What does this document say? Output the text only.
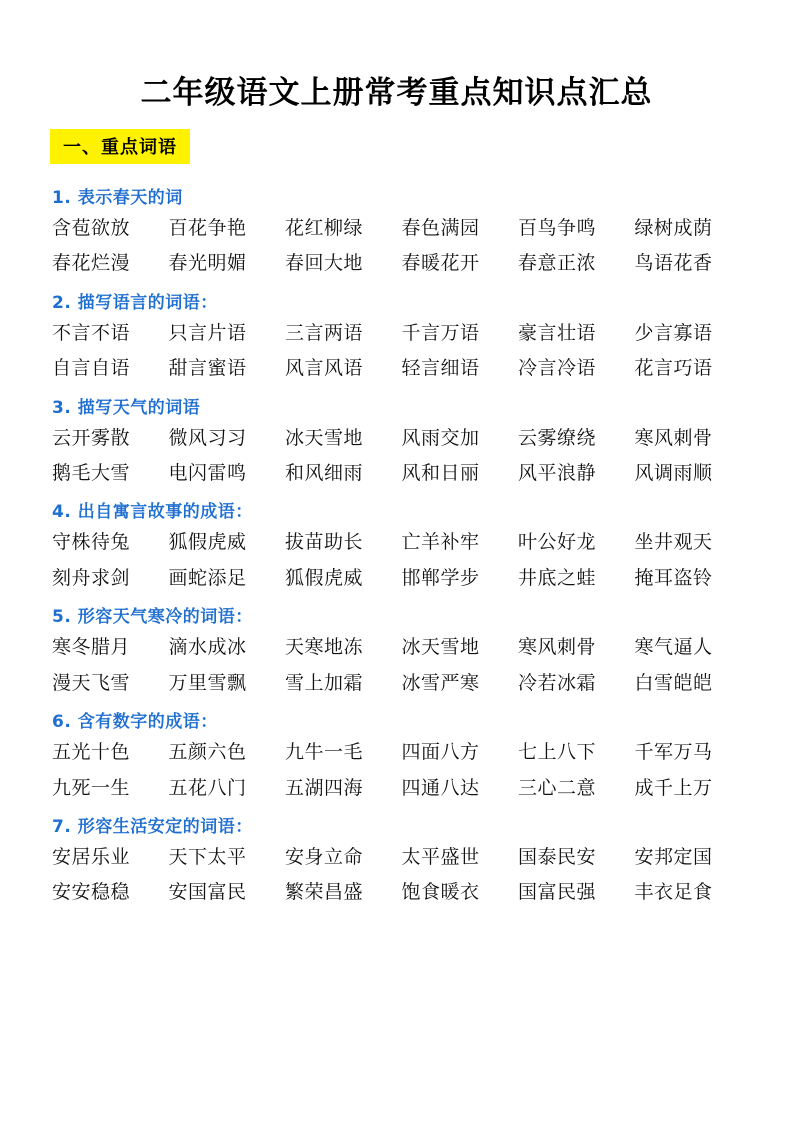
二年级语文上册常考重点知识点汇总
一、重点词语
1. 表示春天的词
含苞欲放	百花争艳	花红柳绿	春色满园	百鸟争鸣	绿树成荫
春花烂漫	春光明媚	春回大地	春暖花开	春意正浓	鸟语花香
2. 描写语言的词语：
不言不语	只言片语	三言两语	千言万语	豪言壮语	少言寡语
自言自语	甜言蜜语	风言风语	轻言细语	冷言冷语	花言巧语
3. 描写天气的词语
云开雾散	微风习习	冰天雪地	风雨交加	云雾缭绕	寒风刺骨
鹅毛大雪	电闪雷鸣	和风细雨	风和日丽	风平浪静	风调雨顺
4. 出自寓言故事的成语：
守株待兔	狐假虎威	拔苗助长	亡羊补牢	叶公好龙	坐井观天
刻舟求剑	画蛇添足	狐假虎威	邯郸学步	井底之蛙	掩耳盗铃
5. 形容天气寒冷的词语：
寒冬腊月	滴水成冰	天寒地冻	冰天雪地	寒风刺骨	寒气逼人
漫天飞雪	万里雪飘	雪上加霜	冰雪严寒	冷若冰霜	白雪皑皑
6. 含有数字的成语：
五光十色	五颜六色	九牛一毛	四面八方	七上八下	千军万马
九死一生	五花八门	五湖四海	四通八达	三心二意	成千上万
7. 形容生活安定的词语：
安居乐业	天下太平	安身立命	太平盛世	国泰民安	安邦定国
安安稳稳	安国富民	繁荣昌盛	饱食暖衣	国富民强	丰衣足食
